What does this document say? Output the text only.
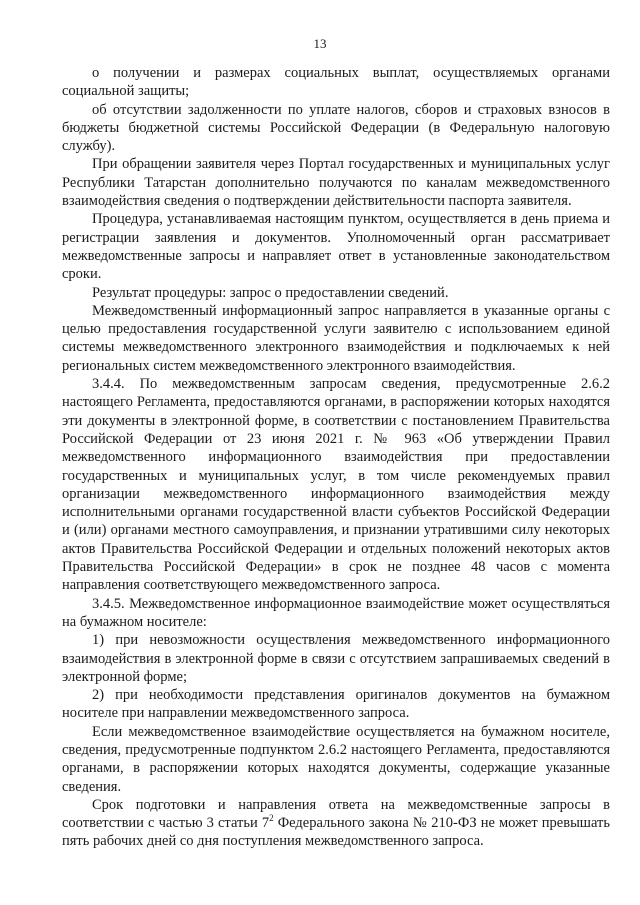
13

о получении и размерах социальных выплат, осуществляемых органами социальной защиты;

об отсутствии задолженности по уплате налогов, сборов и страховых взносов в бюджеты бюджетной системы Российской Федерации (в Федеральную налоговую службу).

При обращении заявителя через Портал государственных и муниципальных услуг Республики Татарстан дополнительно получаются по каналам межведомственного взаимодействия сведения о подтверждении действительности паспорта заявителя.

Процедура, устанавливаемая настоящим пунктом, осуществляется в день приема и регистрации заявления и документов. Уполномоченный орган рассматривает межведомственные запросы и направляет ответ в установленные законодательством сроки.

Результат процедуры: запрос о предоставлении сведений.

Межведомственный информационный запрос направляется в указанные органы с целью предоставления государственной услуги заявителю с использованием единой системы межведомственного электронного взаимодействия и подключаемых к ней региональных систем межведомственного электронного взаимодействия.

3.4.4. По межведомственным запросам сведения, предусмотренные 2.6.2 настоящего Регламента, предоставляются органами, в распоряжении которых находятся эти документы в электронной форме, в соответствии с постановлением Правительства Российской Федерации от 23 июня 2021 г. № 963 «Об утверждении Правил межведомственного информационного взаимодействия при предоставлении государственных и муниципальных услуг, в том числе рекомендуемых правил организации межведомственного информационного взаимодействия между исполнительными органами государственной власти субъектов Российской Федерации и (или) органами местного самоуправления, и признании утратившими силу некоторых актов Правительства Российской Федерации и отдельных положений некоторых актов Правительства Российской Федерации» в срок не позднее 48 часов с момента направления соответствующего межведомственного запроса.

3.4.5. Межведомственное информационное взаимодействие может осуществляться на бумажном носителе:

1) при невозможности осуществления межведомственного информационного взаимодействия в электронной форме в связи с отсутствием запрашиваемых сведений в электронной форме;

2) при необходимости представления оригиналов документов на бумажном носителе при направлении межведомственного запроса.

Если межведомственное взаимодействие осуществляется на бумажном носителе, сведения, предусмотренные подпунктом 2.6.2 настоящего Регламента, предоставляются органами, в распоряжении которых находятся документы, содержащие указанные сведения.

Срок подготовки и направления ответа на межведомственные запросы в соответствии с частью 3 статьи $7^2$ Федерального закона № 210-ФЗ не может превышать пять рабочих дней со дня поступления межведомственного запроса.
